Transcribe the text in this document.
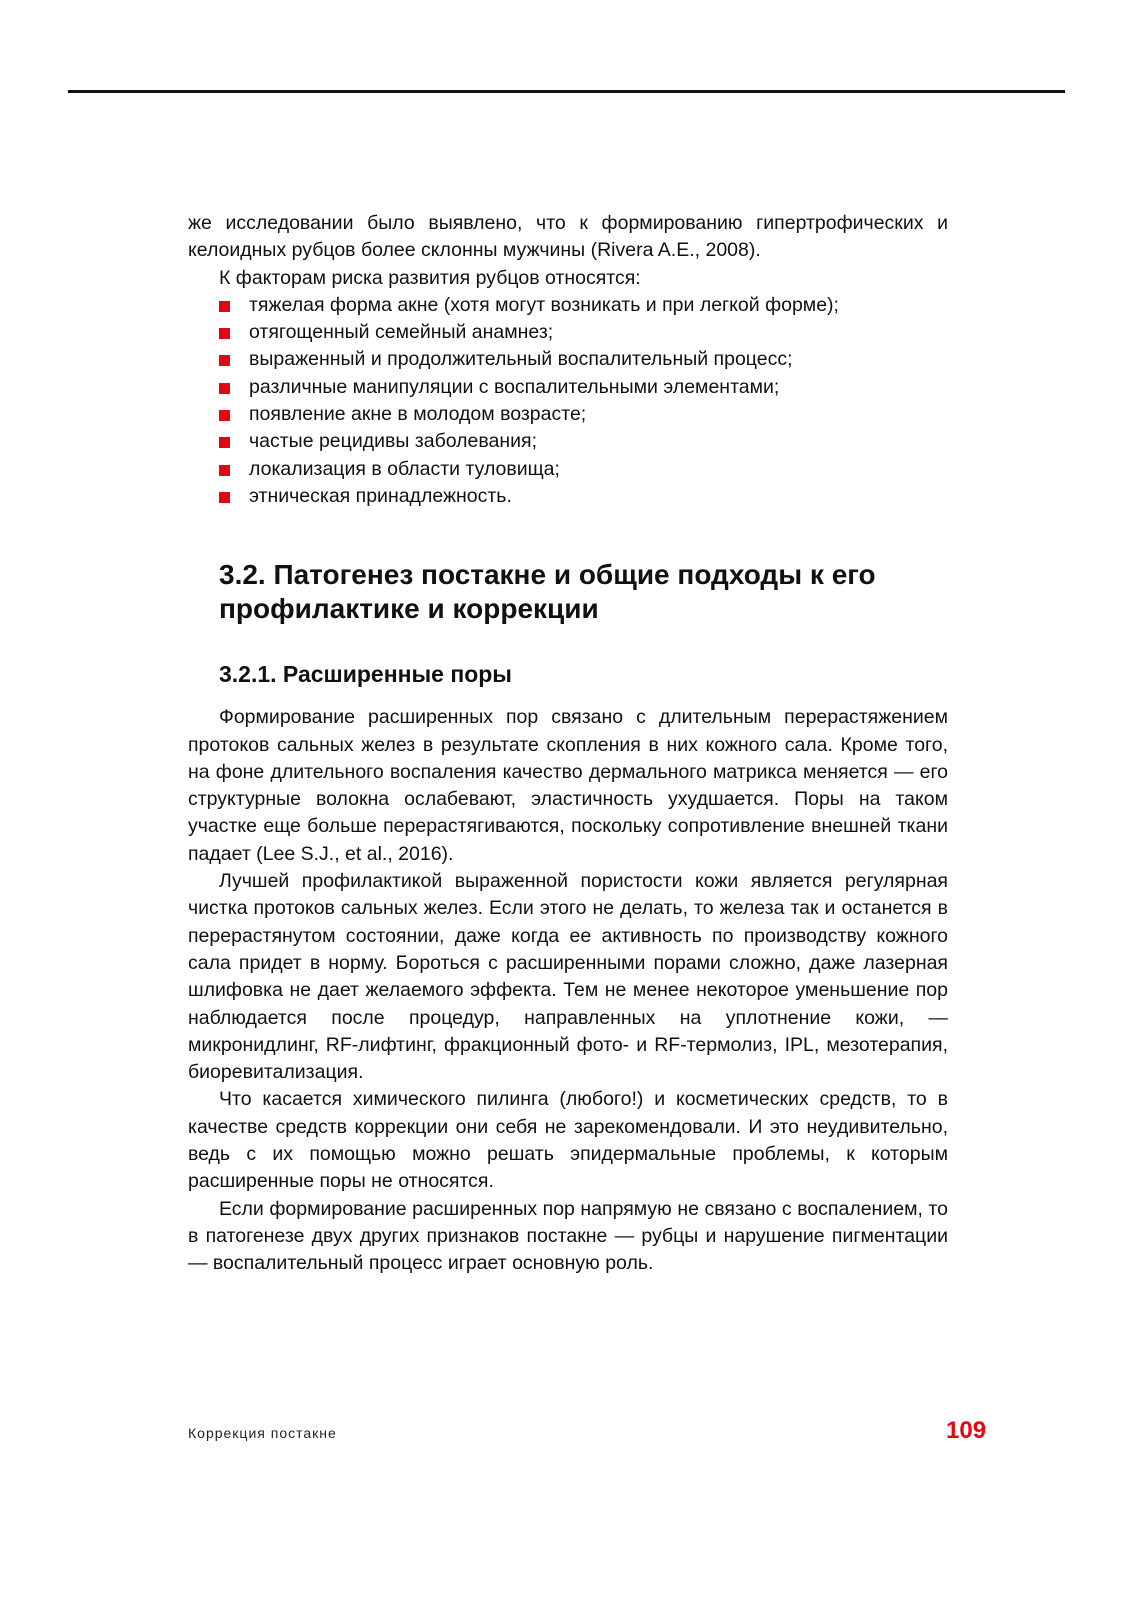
же исследовании было выявлено, что к формированию гипертрофических и келоидных рубцов более склонны мужчины (Rivera A.E., 2008).

К факторам риска развития рубцов относятся:

тяжелая форма акне (хотя могут возникать и при легкой форме);
отягощенный семейный анамнез;
выраженный и продолжительный воспалительный процесс;
различные манипуляции с воспалительными элементами;
появление акне в молодом возрасте;
частые рецидивы заболевания;
локализация в области туловища;
этническая принадлежность.
3.2. Патогенез постакне и общие подходы к его профилактике и коррекции
3.2.1. Расширенные поры

Формирование расширенных пор связано с длительным перерастяжением протоков сальных желез в результате скопления в них кожного сала. Кроме того, на фоне длительного воспаления качество дермального матрикса меняется — его структурные волокна ослабевают, эластичность ухудшается. Поры на таком участке еще больше перерастягиваются, поскольку сопротивление внешней ткани падает (Lee S.J., et al., 2016).

Лучшей профилактикой выраженной пористости кожи является регулярная чистка протоков сальных желез. Если этого не делать, то железа так и останется в перерастянутом состоянии, даже когда ее активность по производству кожного сала придет в норму. Бороться с расширенными порами сложно, даже лазерная шлифовка не дает желаемого эффекта. Тем не менее некоторое уменьшение пор наблюдается после процедур, направленных на уплотнение кожи, — микронидлинг, RF-лифтинг, фракционный фото- и RF-термолиз, IPL, мезотерапия, биоревитализация.

Что касается химического пилинга (любого!) и косметических средств, то в качестве средств коррекции они себя не зарекомендовали. И это неудивительно, ведь с их помощью можно решать эпидермальные проблемы, к которым расширенные поры не относятся.

Если формирование расширенных пор напрямую не связано с воспалением, то в патогенезе двух других признаков постакне — рубцы и нарушение пигментации — воспалительный процесс играет основную роль.

Коррекция постакне	109
